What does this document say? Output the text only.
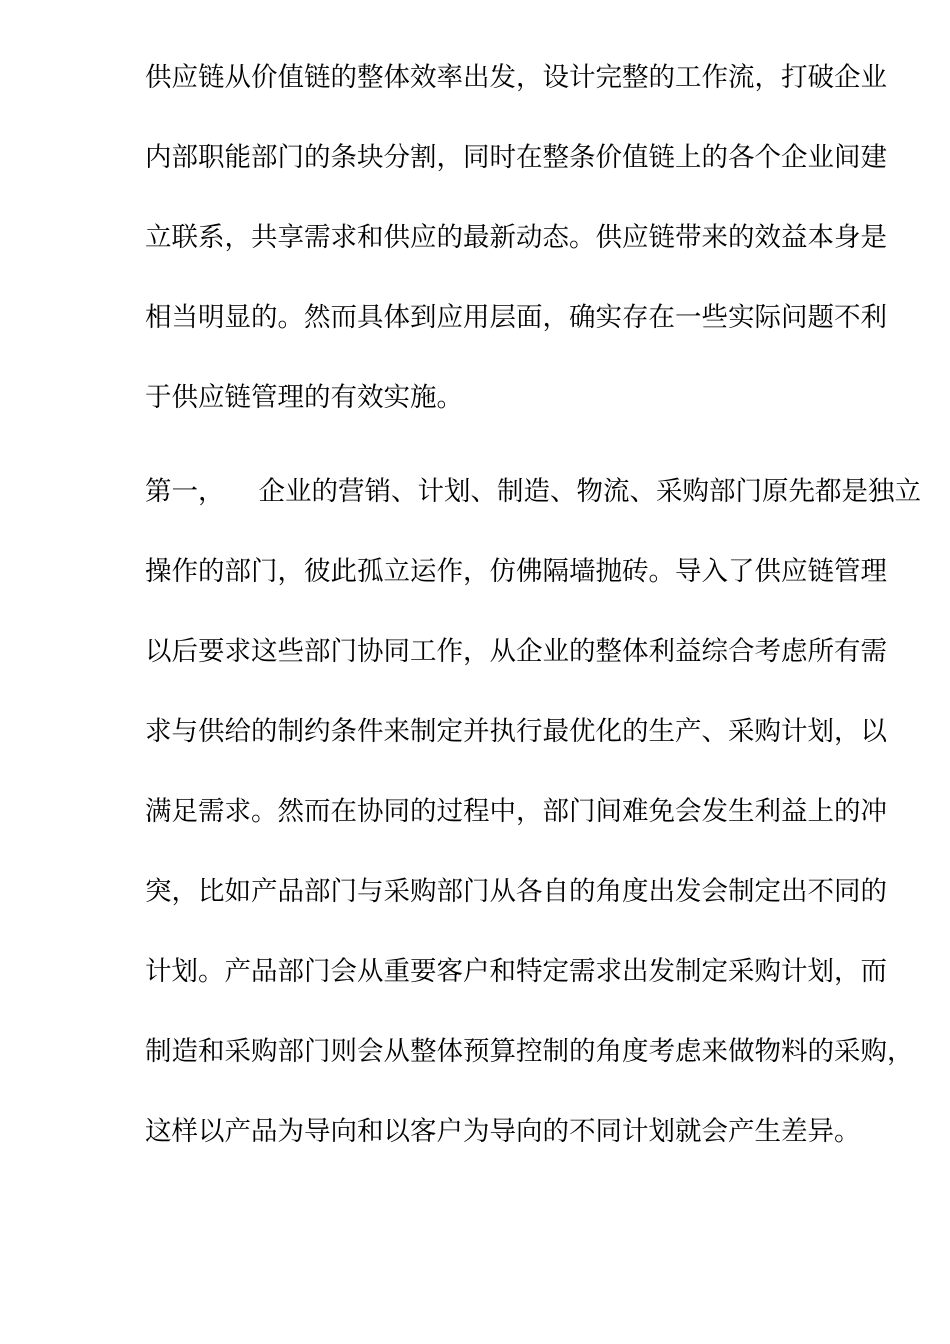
供应链从价值链的整体效率出发，设计完整的工作流，打破企业
内部职能部门的条块分割，同时在整条价值链上的各个企业间建
立联系，共享需求和供应的最新动态。供应链带来的效益本身是
相当明显的。然而具体到应用层面，确实存在一些实际问题不利
于供应链管理的有效实施。
第一， 企业的营销、计划、制造、物流、采购部门原先都是独立
操作的部门，彼此孤立运作，仿佛隔墙抛砖。导入了供应链管理
以后要求这些部门协同工作，从企业的整体利益综合考虑所有需
求与供给的制约条件来制定并执行最优化的生产、采购计划，以
满足需求。然而在协同的过程中，部门间难免会发生利益上的冲
突，比如产品部门与采购部门从各自的角度出发会制定出不同的
计划。产品部门会从重要客户和特定需求出发制定采购计划，而
制造和采购部门则会从整体预算控制的角度考虑来做物料的采购，
这样以产品为导向和以客户为导向的不同计划就会产生差异。
